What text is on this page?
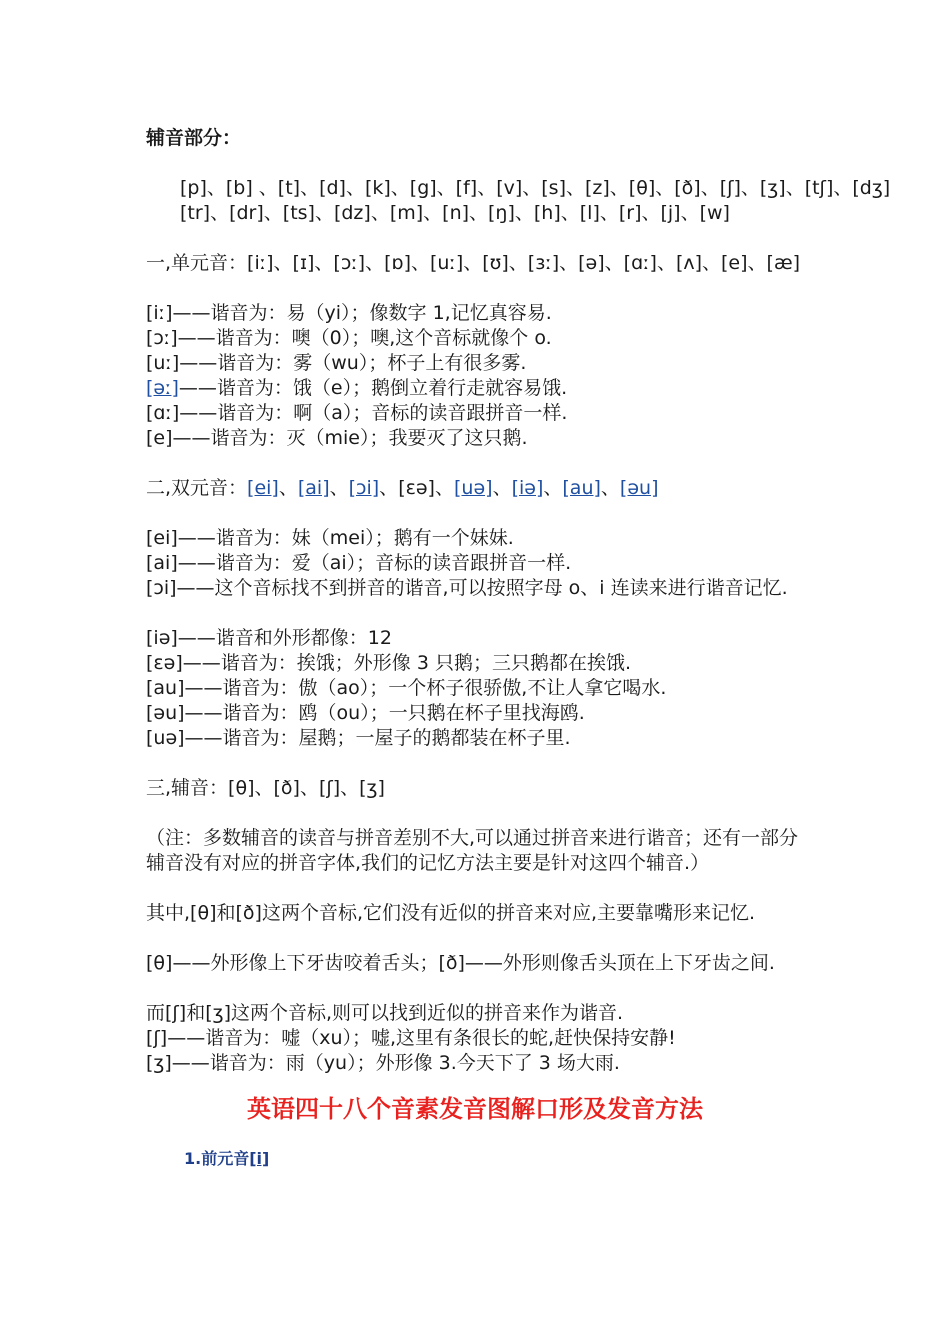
辅音部分：
[p]、[b] 、[t]、[d]、[k]、[g]、[f]、[v]、[s]、[z]、[θ]、[ð]、[ʃ]、[ʒ]、[tʃ]、[dʒ]
[tr]、[dr]、[ts]、[dz]、[m]、[n]、[ŋ]、[h]、[l]、[r]、[j]、[w]
一,单元音：[iː]、[ɪ]、[ɔː]、[ɒ]、[uː]、[ʊ]、[ɜː]、[ə]、[ɑː]、[ʌ]、[e]、[æ]
[iː]——谐音为：易（yi）；像数字 1,记忆真容易.
[ɔː]——谐音为：噢（0）；噢,这个音标就像个 o.
[uː]——谐音为：雾（wu）；杯子上有很多雾.
[əː]——谐音为：饿（e）；鹅倒立着行走就容易饿.
[ɑː]——谐音为：啊（a）；音标的读音跟拼音一样.
[e]——谐音为：灭（mie）；我要灭了这只鹅.
二,双元音：[ei]、[ai]、[ɔi]、[ɛə]、[uə]、[iə]、[au]、[əu]
[ei]——谐音为：妹（mei）；鹅有一个妹妹.
[ai]——谐音为：爱（ai）；音标的读音跟拼音一样.
[ɔi]——这个音标找不到拼音的谐音,可以按照字母 o、i 连读来进行谐音记忆.
[iə]——谐音和外形都像：12
[ɛə]——谐音为：挨饿；外形像 3 只鹅；三只鹅都在挨饿.
[au]——谐音为：傲（ao）；一个杯子很骄傲,不让人拿它喝水.
[əu]——谐音为：鸥（ou）；一只鹅在杯子里找海鸥.
[uə]——谐音为：屋鹅；一屋子的鹅都装在杯子里.
三,辅音：[θ]、[ð]、[ʃ]、[ʒ]
（注：多数辅音的读音与拼音差别不大,可以通过拼音来进行谐音；还有一部分辅音没有对应的拼音字体,我们的记忆方法主要是针对这四个辅音.）
其中,[θ]和[ð]这两个音标,它们没有近似的拼音来对应,主要靠嘴形来记忆.
[θ]——外形像上下牙齿咬着舌头；[ð]——外形则像舌头顶在上下牙齿之间.
而[ʃ]和[ʒ]这两个音标,则可以找到近似的拼音来作为谐音.
[ʃ]——谐音为：嘘（xu）；嘘,这里有条很长的蛇,赶快保持安静!
[ʒ]——谐音为：雨（yu）；外形像 3.今天下了 3 场大雨.
英语四十八个音素发音图解口形及发音方法
1.前元音[i]
